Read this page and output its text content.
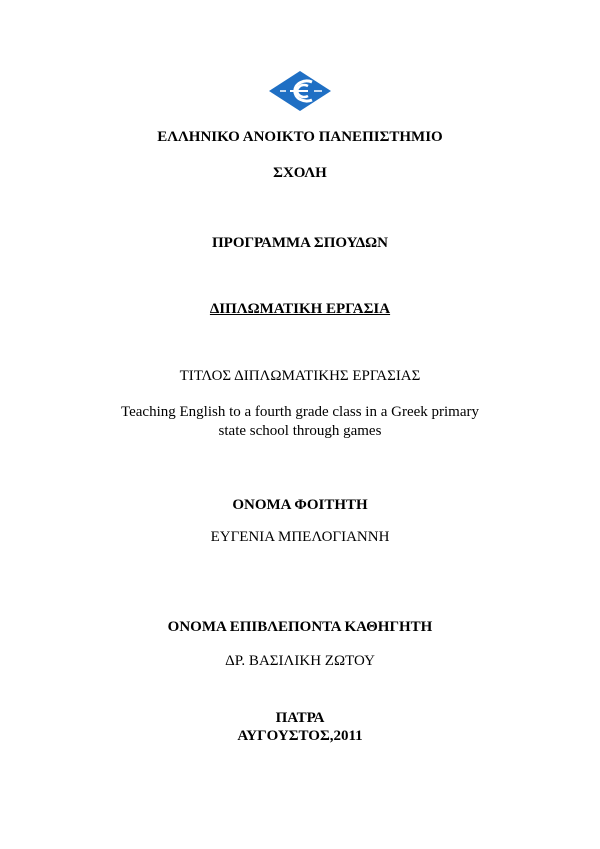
ΕΛΛΗΝΙΚΟ ΑΝΟΙΚΤΟ ΠΑΝΕΠΙΣΤΗΜΙΟ
ΣΧΟΛΗ
ΠΡΟΓΡΑΜΜΑ ΣΠΟΥΔΩΝ
ΔΙΠΛΩΜΑΤΙΚΗ ΕΡΓΑΣΙΑ
ΤΙΤΛΟΣ ΔΙΠΛΩΜΑΤΙΚΗΣ ΕΡΓΑΣΙΑΣ
Teaching English to a fourth grade class in a Greek primary
state school through games
ΟΝΟΜΑ ΦΟΙΤΗΤΗ
ΕΥΓΕΝΙΑ ΜΠΕΛΟΓΙΑΝΝΗ
ΟΝΟΜΑ ΕΠΙΒΛΕΠΟΝΤΑ ΚΑΘΗΓΗΤΗ
ΔΡ. ΒΑΣΙΛΙΚΗ ΖΩΤΟΥ
ΠΑΤΡΑ
ΑΥΓΟΥΣΤΟΣ,2011
